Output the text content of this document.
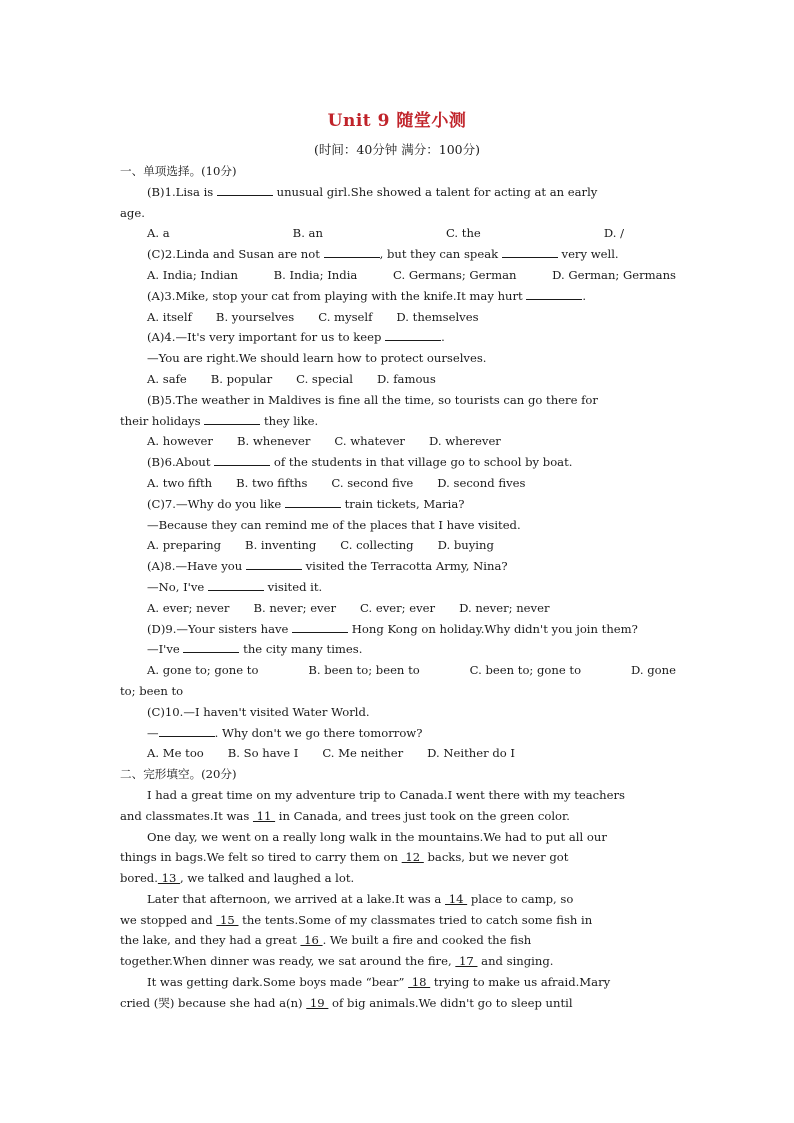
Unit 9 随堂小测
(时间：40分钟 满分：100分)
一、单项选择。(10分)
(B)1.Lisa is	unusual girl.She showed a talent for acting at an early
age.
A. a	B. an	C. the	D. /
(C)2.Linda and Susan are not	, but they can speak	very well.
A. India; Indian	B. India; India	C. Germans; German	D. German; Germans
(A)3.Mike, stop your cat from playing with the knife.It may hurt	.
A. itself B. yourselves C. myself D. themselves
(A)4.—It's very important for us to keep	.
—You are right.We should learn how to protect ourselves.
A. safe B. popular C. special D. famous
(B)5.The weather in Maldives is fine all the time, so tourists can go there for
their holidays	they like.
A. however B. whenever C. whatever D. wherever
(B)6.About	of the students in that village go to school by boat.
A. two fifth B. two fifths C. second five D. second fives
(C)7.—Why do you like	train tickets, Maria?
—Because they can remind me of the places that I have visited.
A. preparing B. inventing C. collecting D. buying
(A)8.—Have you	visited the Terracotta Army, Nina?
—No, I've	visited it.
A. ever; never B. never; ever C. ever; ever D. never; never
(D)9.—Your sisters have	Hong Kong on holiday.Why didn't you join them?
—I've	the city many times.
A. gone to; gone to	B. been to; been to	C. been to; gone to	D. gone
to; been to
(C)10.—I haven't visited Water World.
—	. Why don't we go there tomorrow?
A. Me too B. So have I C. Me neither D. Neither do I
二、完形填空。(20分)
I had a great time on my adventure trip to Canada.I went there with my teachers
and classmates.It was  11  in Canada, and trees just took on the green color.
One day, we went on a really long walk in the mountains.We had to put all our
things in bags.We felt so tired to carry them on  12  backs, but we never got
bored. 13 , we talked and laughed a lot.
Later that afternoon, we arrived at a lake.It was a  14  place to camp, so
we stopped and  15  the tents.Some of my classmates tried to catch some fish in
the lake, and they had a great  16 . We built a fire and cooked the fish
together.When dinner was ready, we sat around the fire,  17  and singing.
It was getting dark.Some boys made “bear”  18  trying to make us afraid.Mary
cried (哭) because she had a(n)  19  of big animals.We didn't go to sleep until
